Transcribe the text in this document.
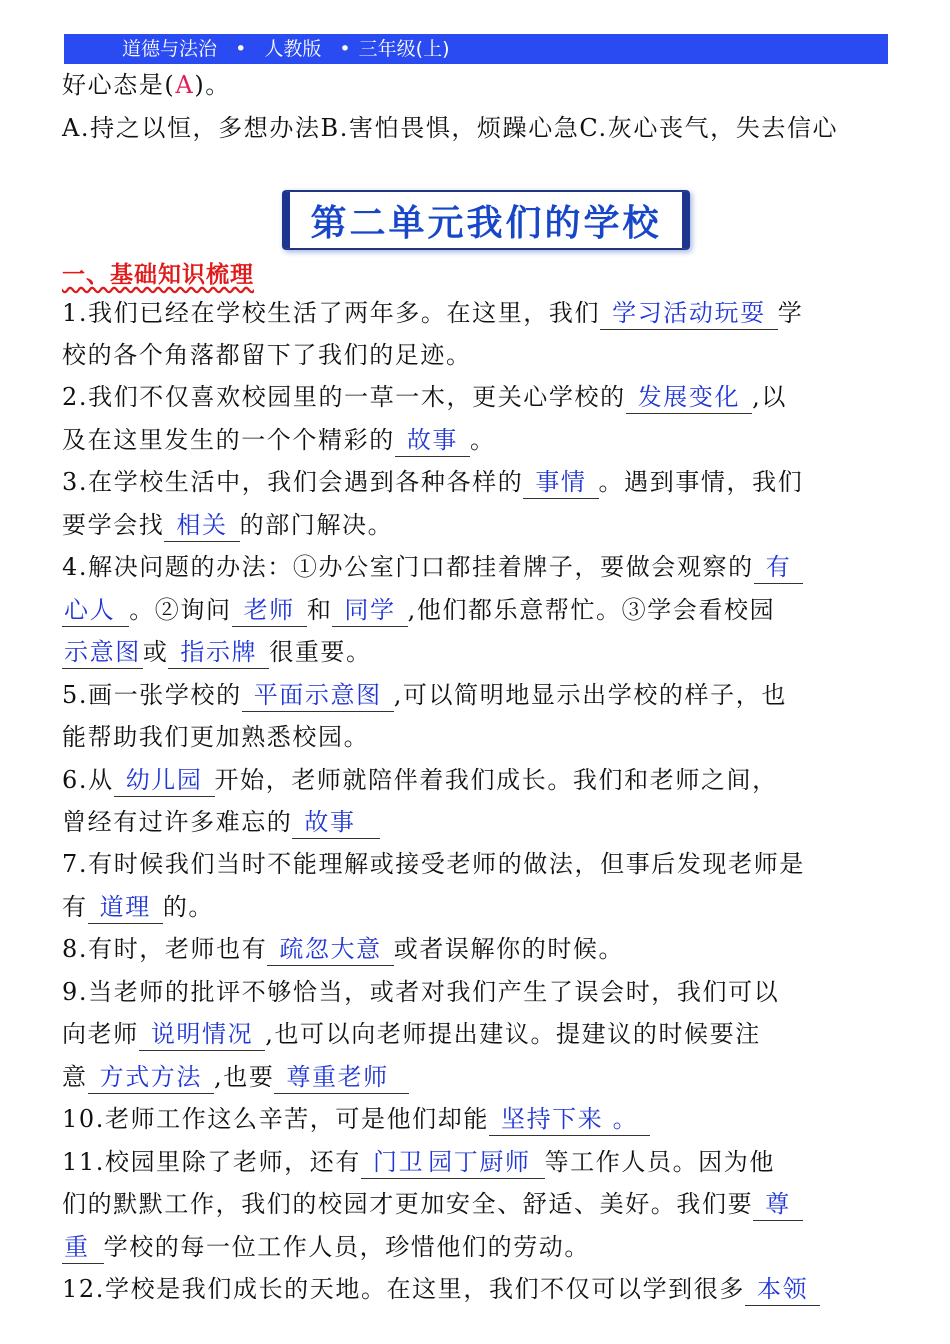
道德与法治 • 人教版 • 三年级(上)
好心态是(A)。
A.持之以恒，多想办法B.害怕畏惧，烦躁心急C.灰心丧气，失去信心
第二单元我们的学校
一、基础知识梳理
1.我们已经在学校生活了两年多。在这里，我们 学习活动玩耍 学
校的各个角落都留下了我们的足迹。
2.我们不仅喜欢校园里的一草一木，更关心学校的 发展变化 ,以
及在这里发生的一个个精彩的 故事 。
3.在学校生活中，我们会遇到各种各样的 事情 。遇到事情，我们
要学会找 相关 的部门解决。
4.解决问题的办法：①办公室门口都挂着牌子，要做会观察的 有
心人 。②询问 老师 和 同学 ,他们都乐意帮忙。③学会看校园
示意图或 指示牌 很重要。
5.画一张学校的 平面示意图 ,可以简明地显示出学校的样子，也
能帮助我们更加熟悉校园。
6.从 幼儿园 开始，老师就陪伴着我们成长。我们和老师之间，
曾经有过许多难忘的 故事
7.有时候我们当时不能理解或接受老师的做法，但事后发现老师是
有 道理 的。
8.有时，老师也有 疏忽大意 或者误解你的时候。
9.当老师的批评不够恰当，或者对我们产生了误会时，我们可以
向老师 说明情况 ,也可以向老师提出建议。提建议的时候要注
意 方式方法 ,也要 尊重老师
10.老师工作这么辛苦，可是他们却能 坚持下来 。
11.校园里除了老师，还有 门卫 园丁厨师 等工作人员。因为他
们的默默工作，我们的校园才更加安全、舒适、美好。我们要 尊
重 学校的每一位工作人员，珍惜他们的劳动。
12.学校是我们成长的天地。在这里，我们不仅可以学到很多 本领
